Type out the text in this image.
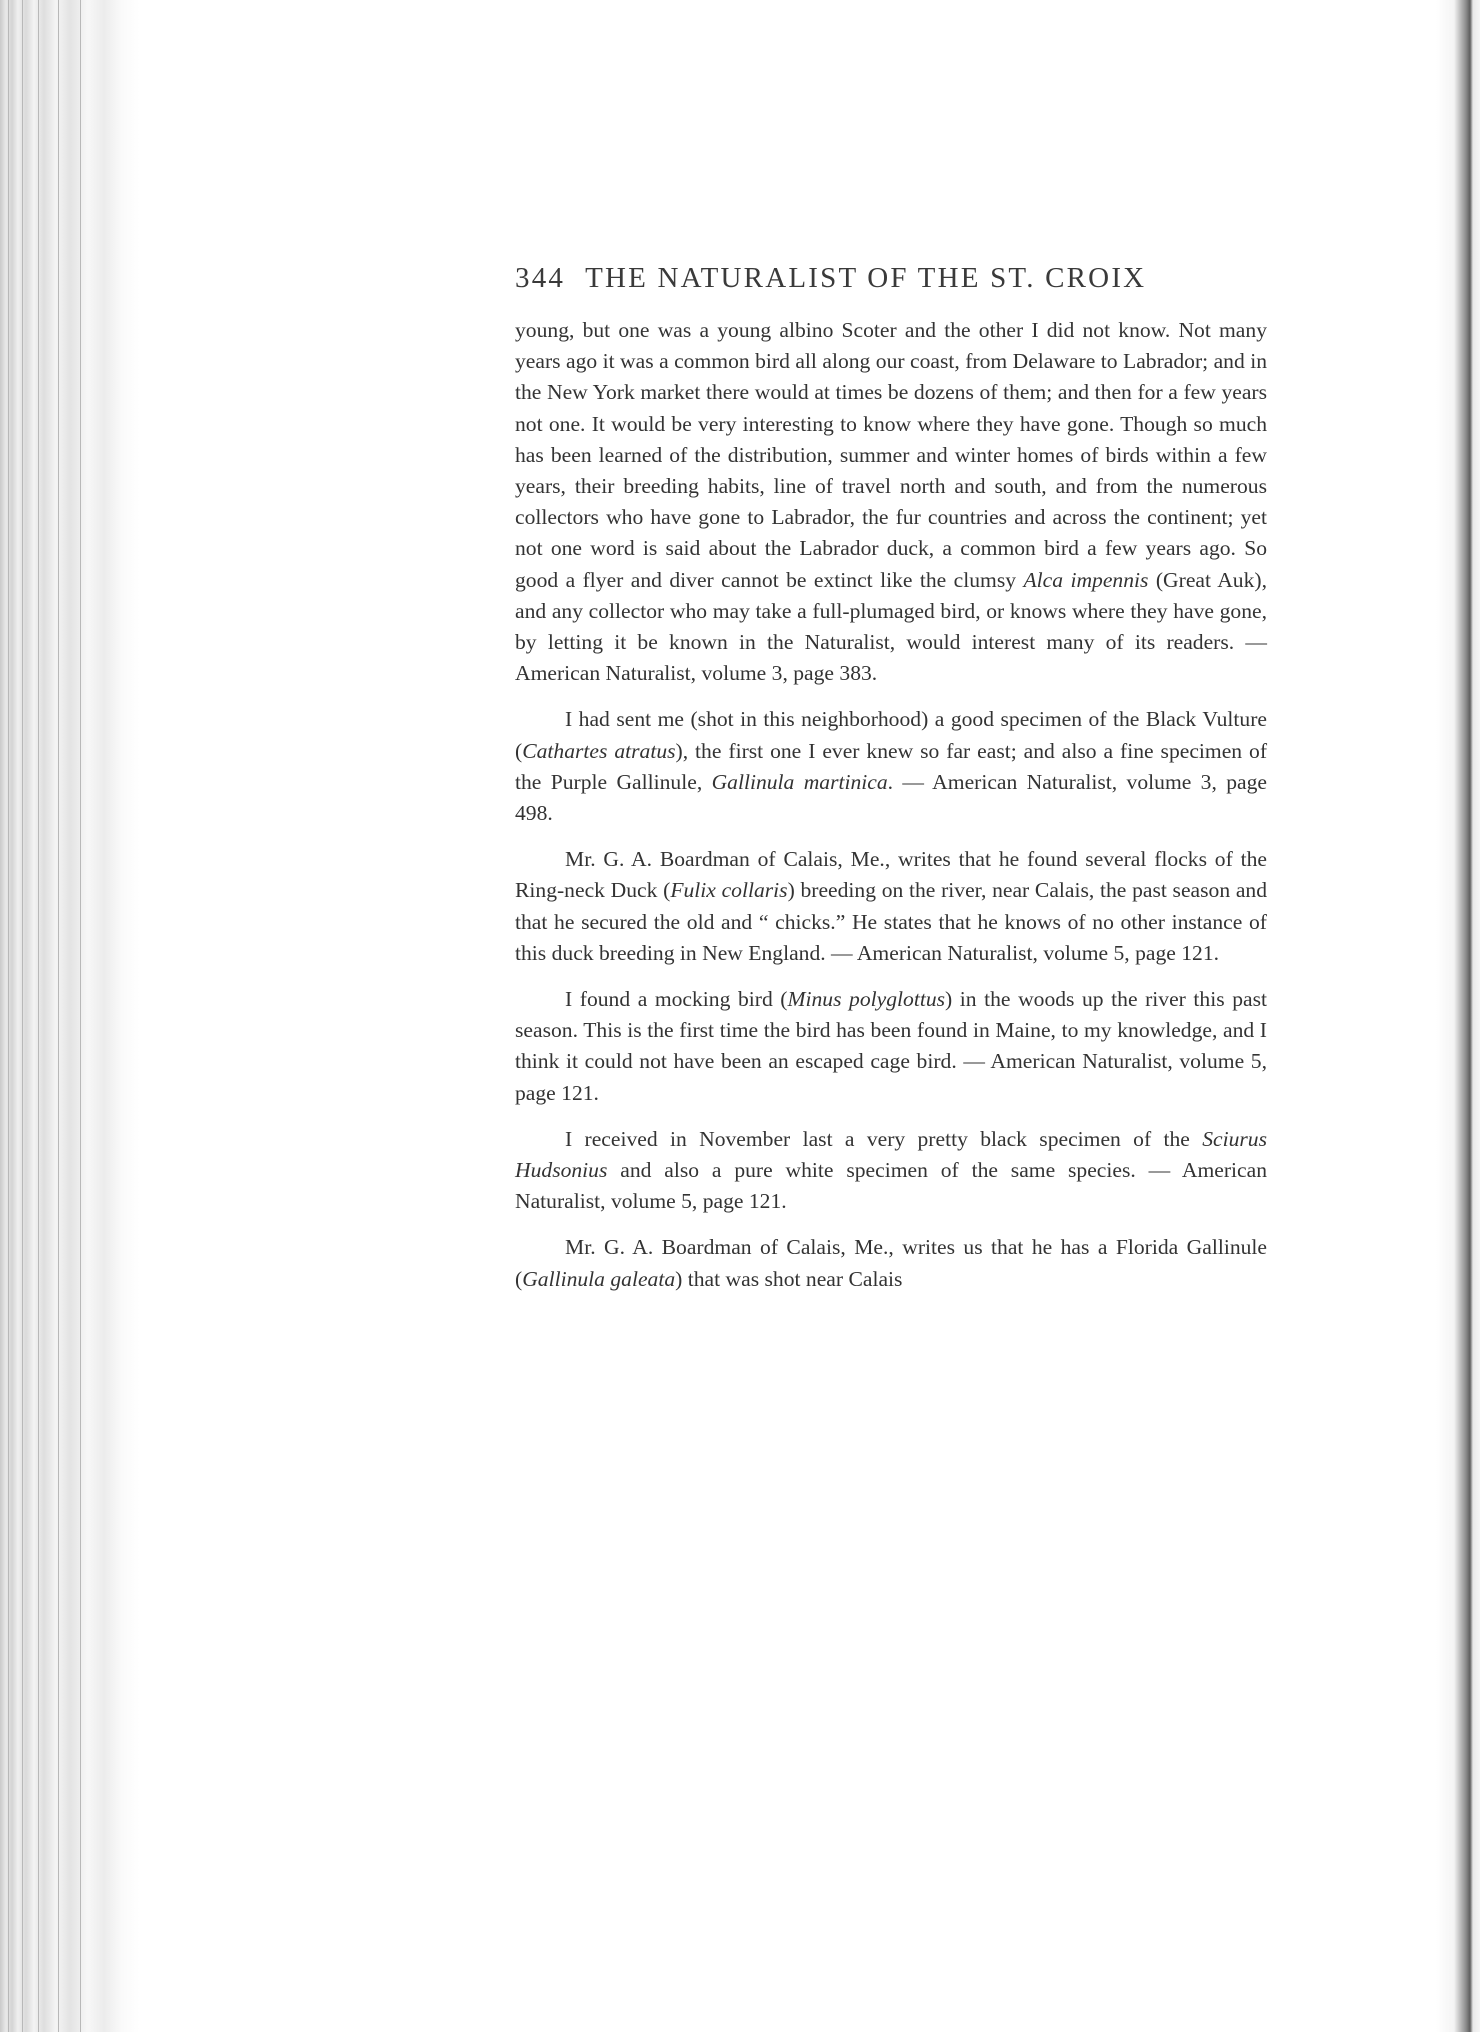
344 THE NATURALIST OF THE ST. CROIX

young, but one was a young albino Scoter and the other I did not know. Not many years ago it was a common bird all along our coast, from Delaware to Labrador; and in the New York market there would at times be dozens of them; and then for a few years not one. It would be very interesting to know where they have gone. Though so much has been learned of the distribution, summer and winter homes of birds within a few years, their breeding habits, line of travel north and south, and from the numerous collectors who have gone to Labrador, the fur countries and across the continent; yet not one word is said about the Labrador duck, a common bird a few years ago. So good a flyer and diver cannot be extinct like the clumsy Alca impennis (Great Auk), and any collector who may take a full-plumaged bird, or knows where they have gone, by letting it be known in the Naturalist, would interest many of its readers. — American Naturalist, volume 3, page 383.

I had sent me (shot in this neighborhood) a good specimen of the Black Vulture (Cathartes atratus), the first one I ever knew so far east; and also a fine specimen of the Purple Gallinule, Gallinula martinica. — American Naturalist, volume 3, page 498.

Mr. G. A. Boardman of Calais, Me., writes that he found several flocks of the Ring-neck Duck (Fulix collaris) breeding on the river, near Calais, the past season and that he secured the old and “ chicks.” He states that he knows of no other instance of this duck breeding in New England. — American Naturalist, volume 5, page 121.

I found a mocking bird (Minus polyglottus) in the woods up the river this past season. This is the first time the bird has been found in Maine, to my knowledge, and I think it could not have been an escaped cage bird. — American Naturalist, volume 5, page 121.

I received in November last a very pretty black specimen of the Sciurus Hudsonius and also a pure white specimen of the same species. — American Naturalist, volume 5, page 121.

Mr. G. A. Boardman of Calais, Me., writes us that he has a Florida Gallinule (Gallinula galeata) that was shot near Calais
